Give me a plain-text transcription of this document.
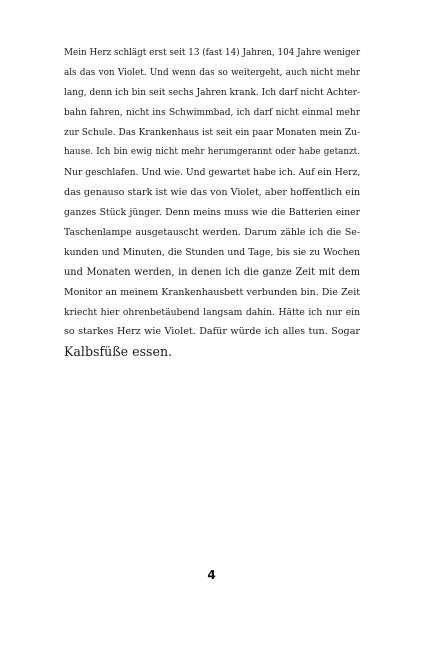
Mein Herz schlägt erst seit 13 (fast 14) Jahren, 104 Jahre weniger
als das von Violet. Und wenn das so weitergeht, auch nicht mehr
lang, denn ich bin seit sechs Jahren krank. Ich darf nicht Achter-
bahn fahren, nicht ins Schwimmbad, ich darf nicht einmal mehr
zur Schule. Das Krankenhaus ist seit ein paar Monaten mein Zu-
hause. Ich bin ewig nicht mehr herumgerannt oder habe getanzt.
Nur geschlafen. Und wie. Und gewartet habe ich. Auf ein Herz,
das genauso stark ist wie das von Violet, aber hoffentlich ein
ganzes Stück jünger. Denn meins muss wie die Batterien einer
Taschenlampe ausgetauscht werden. Darum zähle ich die Se-
kunden und Minuten, die Stunden und Tage, bis sie zu Wochen
und Monaten werden, in denen ich die ganze Zeit mit dem
Monitor an meinem Krankenhausbett verbunden bin. Die Zeit
kriecht hier ohrenbetäubend langsam dahin. Hätte ich nur ein
so starkes Herz wie Violet. Dafür würde ich alles tun. Sogar
Kalbsfüße essen.

4
